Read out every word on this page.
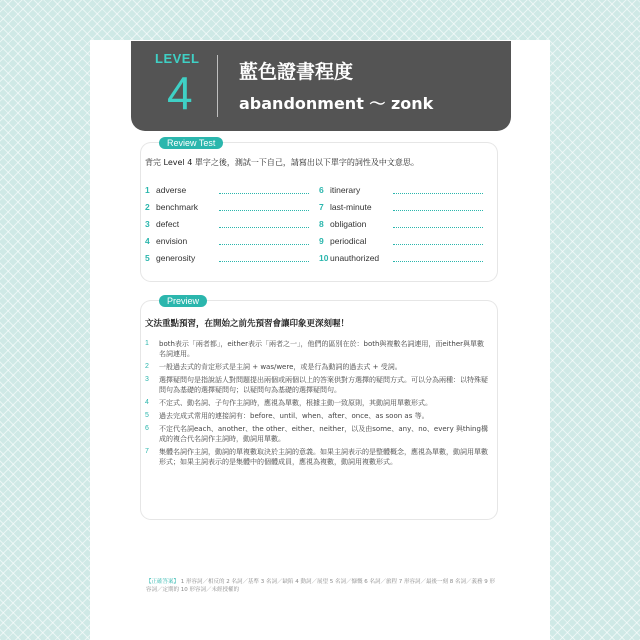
LEVEL
4 藍色證書程度
abandonment ～ zonk
Review Test
背完 Level 4 單字之後，測試一下自己，請寫出以下單字的詞性及中文意思。
1 adverse	6 itinerary
2 benchmark	7 last-minute
3 defect	8 obligation
4 envision	9 periodical
5 generosity	10 unauthorized
Preview
文法重點預習，在開始之前先預習會讓印象更深刻喔！
1	both表示「兩者都」，either表示「兩者之一」，他們的區別在於：both與複數名詞連用，而either與單數名詞連用。
2	一般過去式的肯定形式是主詞 + was/were，或是行為動詞的過去式 + 受詞。
3	選擇疑問句是指說話人對問題提出兩個或兩個以上的答案供對方選擇的疑問方式。可以分為兩種：以特殊疑問句為基礎的選擇疑問句；以疑問句為基礎的選擇疑問句。
4	不定式、動名詞、子句作主詞時，應視為單數，根據主動一致原則，其動詞用單數形式。
5	過去完成式常用的連接詞有：before、until、when、after、once、as soon as 等。
6	不定代名詞each、another、the other、either、neither，以及由some、any、no、every 與thing構成的複合代名詞作主詞時，動詞用單數。
7	集體名詞作主詞，動詞的單複數取決於主詞的意義。如果主詞表示的是整體概念，應視為單數，動詞用單數形式；如果主詞表示的是集體中的個體成員，應視為複數，動詞用複數形式。
【正確答案】 1 形容詞／相反的 2 名詞／基準 3 名詞／缺陷 4 動詞／展望 5 名詞／慷慨 6 名詞／旅程 7 形容詞／最後一刻 8 名詞／義務 9 形容詞／定期的 10 形容詞／未經授權的
